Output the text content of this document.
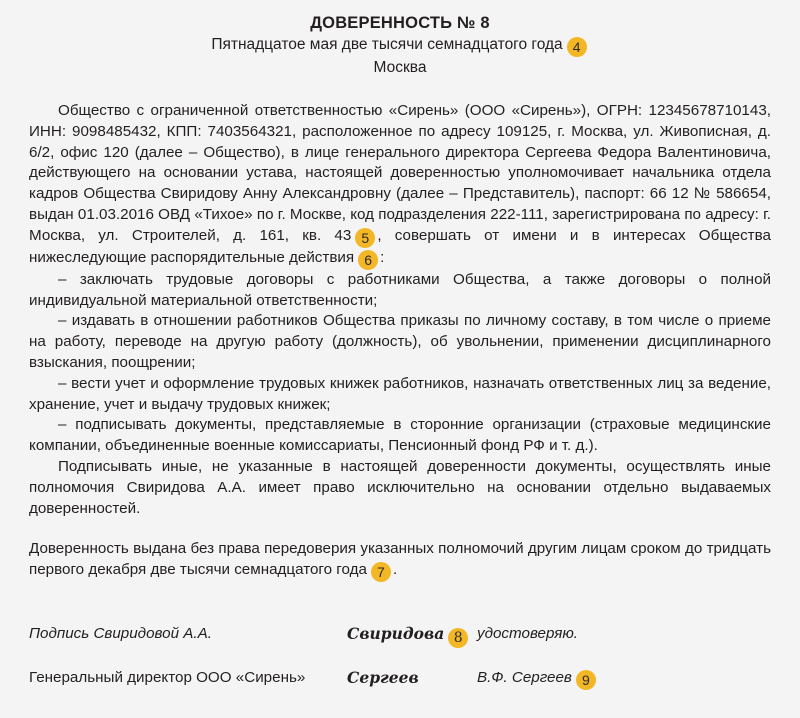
ДОВЕРЕННОСТЬ № 8
Пятнадцатое мая две тысячи семнадцатого года 4
Москва

Общество с ограниченной ответственностью «Сирень» (ООО «Сирень»), ОГРН: 12345678710143, ИНН: 9098485432, КПП: 7403564321, расположенное по адресу 109125, г. Москва, ул. Живописная, д. 6/2, офис 120 (далее – Общество), в лице генерального директора Сергеева Федора Валентиновича, действующего на основании устава, настоящей доверенностью уполномочивает начальника отдела кадров Общества Свиридову Анну Александровну (далее – Представитель), паспорт: 66 12 № 586654, выдан 01.03.2016 ОВД «Тихое» по г. Москве, код подразделения 222-111, зарегистрирована по адресу: г. Москва, ул. Строителей, д. 161, кв. 43 5 , совершать от имени и в интересах Общества нижеследующие распорядительные действия 6 :

– заключать трудовые договоры с работниками Общества, а также договоры о полной индивидуальной материальной ответственности;

– издавать в отношении работников Общества приказы по личному составу, в том числе о приеме на работу, переводе на другую работу (должность), об увольнении, применении дисциплинарного взыскания, поощрении;

– вести учет и оформление трудовых книжек работников, назначать ответственных лиц за ведение, хранение, учет и выдачу трудовых книжек;

– подписывать документы, представляемые в сторонние организации (страховые медицинские компании, объединенные военные комиссариаты, Пенсионный фонд РФ и т. д.).

Подписывать иные, не указанные в настоящей доверенности документы, осуществлять иные полномочия Свиридова А.А. имеет право исключительно на основании отдельно выдаваемых доверенностей.

Доверенность выдана без права передоверия указанных полномочий другим лицам сроком до тридцать первого декабря две тысячи семнадцатого года 7 .

Подпись Свиридовой А.А.	Свиридова 8 удостоверяю.
Генеральный директор ООО «Сирень»	Сергеев	В.Ф. Сергеев 9
